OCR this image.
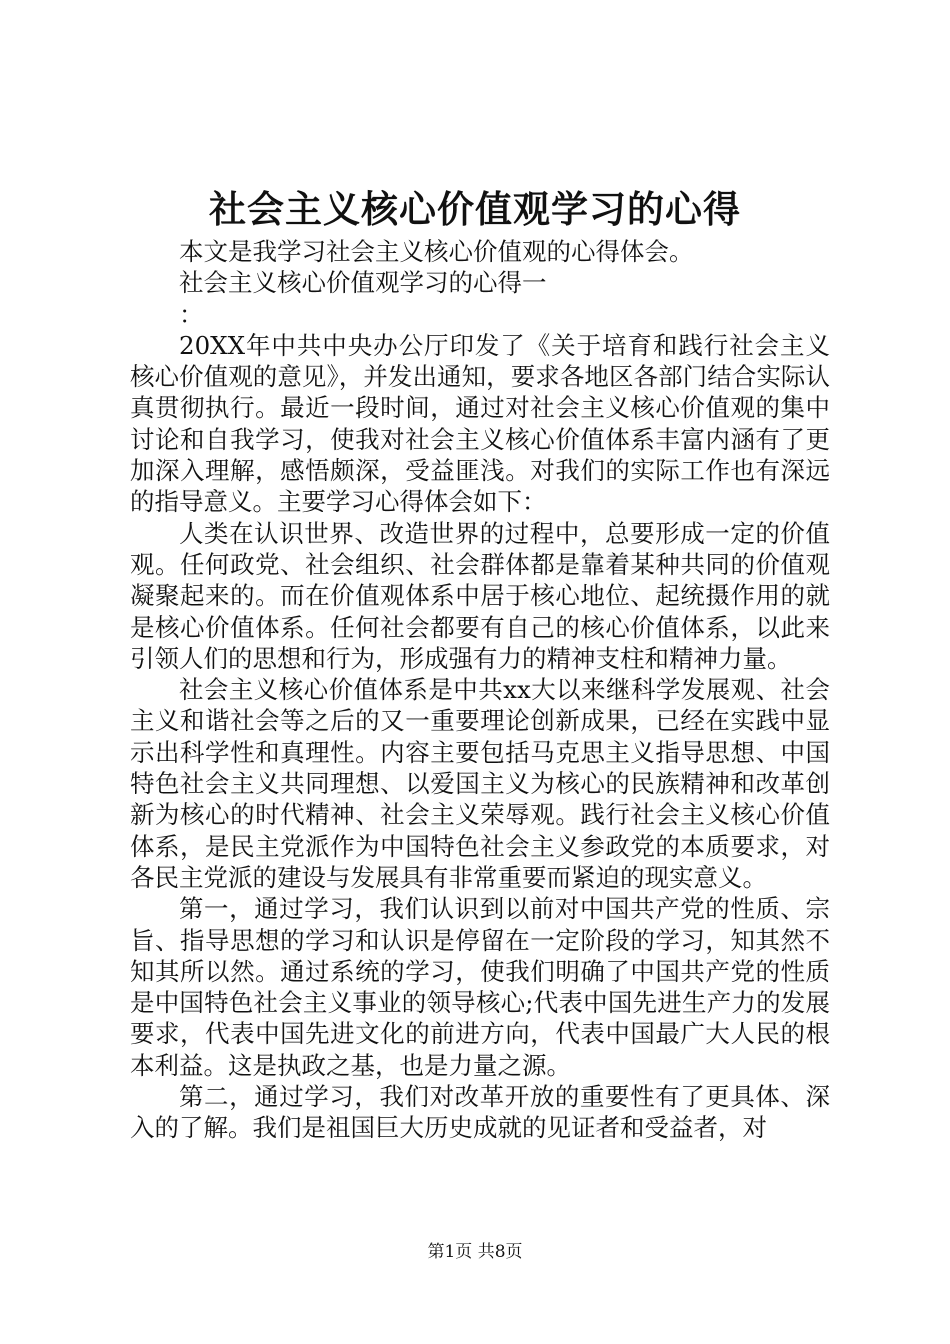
社会主义核心价值观学习的心得

本文是我学习社会主义核心价值观的心得体会。

社会主义核心价值观学习的心得一

：

20XX年中共中央办公厅印发了《关于培育和践行社会主义核心价值观的意见》，并发出通知，要求各地区各部门结合实际认真贯彻执行。最近一段时间，通过对社会主义核心价值观的集中讨论和自我学习，使我对社会主义核心价值体系丰富内涵有了更加深入理解，感悟颇深，受益匪浅。对我们的实际工作也有深远的指导意义。主要学习心得体会如下：

人类在认识世界、改造世界的过程中，总要形成一定的价值观。任何政党、社会组织、社会群体都是靠着某种共同的价值观凝聚起来的。而在价值观体系中居于核心地位、起统摄作用的就是核心价值体系。任何社会都要有自己的核心价值体系，以此来引领人们的思想和行为，形成强有力的精神支柱和精神力量。

社会主义核心价值体系是中共xx大以来继科学发展观、社会主义和谐社会等之后的又一重要理论创新成果，已经在实践中显示出科学性和真理性。内容主要包括马克思主义指导思想、中国特色社会主义共同理想、以爱国主义为核心的民族精神和改革创新为核心的时代精神、社会主义荣辱观。践行社会主义核心价值体系，是民主党派作为中国特色社会主义参政党的本质要求，对各民主党派的建设与发展具有非常重要而紧迫的现实意义。

第一，通过学习，我们认识到以前对中国共产党的性质、宗旨、指导思想的学习和认识是停留在一定阶段的学习，知其然不知其所以然。通过系统的学习，使我们明确了中国共产党的性质是中国特色社会主义事业的领导核心;代表中国先进生产力的发展要求，代表中国先进文化的前进方向，代表中国最广大人民的根本利益。这是执政之基，也是力量之源。

第二，通过学习，我们对改革开放的重要性有了更具体、深入的了解。我们是祖国巨大历史成就的见证者和受益者，对

第1页 共8页
